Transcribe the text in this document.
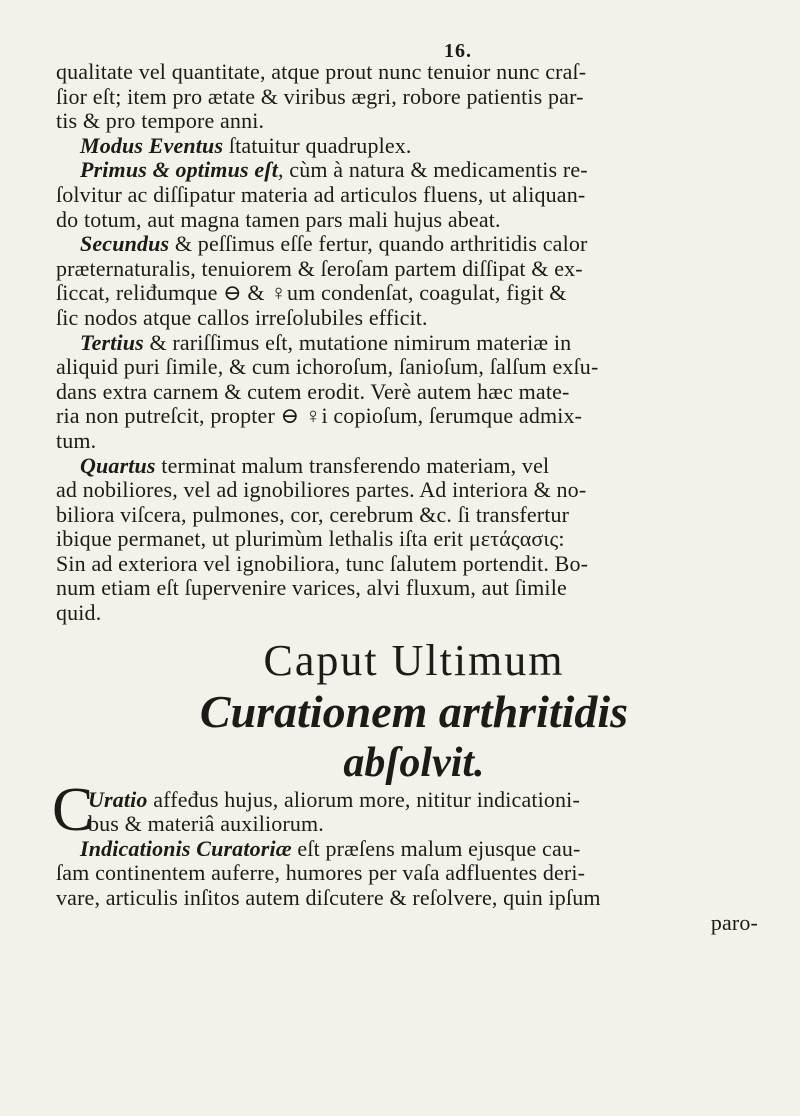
16.
qualitate vel quantitate, atque prout nunc tenuior nunc craſ-
ſior eſt; item pro ætate & viribus ægri, robore patientis par-
tis & pro tempore anni.
Modus Eventus ſtatuitur quadruplex.
Primus & optimus eſt, cùm à natura & medicamentis re-
ſolvitur ac diſſipatur materia ad articulos fluens, ut aliquan-
do totum, aut magna tamen pars mali hujus abeat.
Secundus & peſſimus eſſe fertur, quando arthritidis calor
præternaturalis, tenuiorem & ſeroſam partem diſſipat & ex-
ſiccat, reliđumque ⊖ & ♀um condenſat, coagulat, figit &
ſic nodos atque callos irreſolubiles efficit.
Tertius & rariſſimus eſt, mutatione nimirum materiæ in
aliquid puri ſimile, & cum ichoroſum, ſanioſum, ſalſum exſu-
dans extra carnem & cutem erodit. Verè autem hæc mate-
ria non putreſcit, propter ⊖ ♀i copioſum, ſerumque admix-
tum.
Quartus terminat malum transferendo materiam, vel
ad nobiliores, vel ad ignobiliores partes. Ad interiora & no-
biliora viſcera, pulmones, cor, cerebrum &c. ſi transfertur
ibique permanet, ut plurimùm lethalis iſta erit μετάςασις:
Sin ad exteriora vel ignobiliora, tunc ſalutem portendit. Bo-
num etiam eſt ſupervenire varices, alvi fluxum, aut ſimile
quid.
Caput Ultimum
Curationem arthritidis
abſolvit.
C
Uratio affeđus hujus, aliorum more, nititur indicationi-
bus & materiâ auxiliorum.
Indicationis Curatoriæ eſt præſens malum ejusque cau-
ſam continentem auferre, humores per vaſa adfluentes deri-
vare, articulis inſitos autem diſcutere & reſolvere, quin ipſum
paro-
